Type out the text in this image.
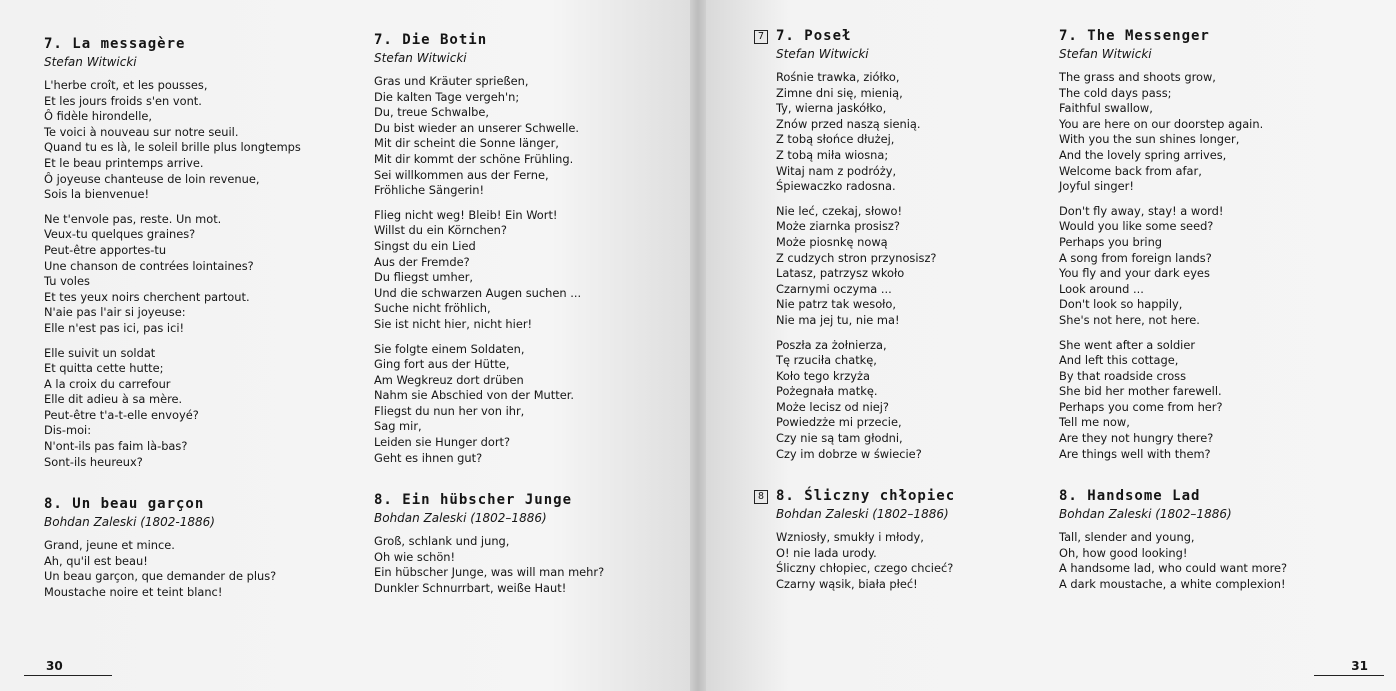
7. La messagère
Stefan Witwicki
L'herbe croît, et les pousses,
Et les jours froids s'en vont.
Ô fidèle hirondelle,
Te voici à nouveau sur notre seuil.
Quand tu es là, le soleil brille plus longtemps
Et le beau printemps arrive.
Ô joyeuse chanteuse de loin revenue,
Sois la bienvenue!
Ne t'envole pas, reste. Un mot.
Veux-tu quelques graines?
Peut-être apportes-tu
Une chanson de contrées lointaines?
Tu voles
Et tes yeux noirs cherchent partout.
N'aie pas l'air si joyeuse:
Elle n'est pas ici, pas ici!
Elle suivit un soldat
Et quitta cette hutte;
A la croix du carrefour
Elle dit adieu à sa mère.
Peut-être t'a-t-elle envoyé?
Dis-moi:
N'ont-ils pas faim là-bas?
Sont-ils heureux?
8. Un beau garçon
Bohdan Zaleski (1802-1886)
Grand, jeune et mince.
Ah, qu'il est beau!
Un beau garçon, que demander de plus?
Moustache noire et teint blanc!
7. Die Botin
Stefan Witwicki
Gras und Kräuter sprießen,
Die kalten Tage vergeh'n;
Du, treue Schwalbe,
Du bist wieder an unserer Schwelle.
Mit dir scheint die Sonne länger,
Mit dir kommt der schöne Frühling.
Sei willkommen aus der Ferne,
Fröhliche Sängerin!
Flieg nicht weg! Bleib! Ein Wort!
Willst du ein Körnchen?
Singst du ein Lied
Aus der Fremde?
Du fliegst umher,
Und die schwarzen Augen suchen ...
Suche nicht fröhlich,
Sie ist nicht hier, nicht hier!
Sie folgte einem Soldaten,
Ging fort aus der Hütte,
Am Wegkreuz dort drüben
Nahm sie Abschied von der Mutter.
Fliegst du nun her von ihr,
Sag mir,
Leiden sie Hunger dort?
Geht es ihnen gut?
8. Ein hübscher Junge
Bohdan Zaleski (1802–1886)
Groß, schlank und jung,
Oh wie schön!
Ein hübscher Junge, was will man mehr?
Dunkler Schnurrbart, weiße Haut!
30
7 7. Poseł
Stefan Witwicki
Rośnie trawka, ziółko,
Zimne dni się, mienią,
Ty, wierna jaskółko,
Znów przed naszą sienią.
Z tobą słońce dłużej,
Z tobą miła wiosna;
Witaj nam z podróży,
Śpiewaczko radosna.
Nie leć, czekaj, słowo!
Może ziarnka prosisz?
Może piosnkę nową
Z cudzych stron przynosisz?
Latasz, patrzysz wkoło
Czarnymi oczyma ...
Nie patrz tak wesoło,
Nie ma jej tu, nie ma!
Poszła za żołnierza,
Tę rzuciła chatkę,
Koło tego krzyża
Pożegnała matkę.
Może lecisz od niej?
Powiedzże mi przecie,
Czy nie są tam głodni,
Czy im dobrze w świecie?
8 8. Śliczny chłopiec
Bohdan Zaleski (1802–1886)
Wzniosły, smukły i młody,
O! nie lada urody.
Śliczny chłopiec, czego chcieć?
Czarny wąsik, biała płeć!
7. The Messenger
Stefan Witwicki
The grass and shoots grow,
The cold days pass;
Faithful swallow,
You are here on our doorstep again.
With you the sun shines longer,
And the lovely spring arrives,
Welcome back from afar,
Joyful singer!
Don't fly away, stay! a word!
Would you like some seed?
Perhaps you bring
A song from foreign lands?
You fly and your dark eyes
Look around ...
Don't look so happily,
She's not here, not here.
She went after a soldier
And left this cottage,
By that roadside cross
She bid her mother farewell.
Perhaps you come from her?
Tell me now,
Are they not hungry there?
Are things well with them?
8. Handsome Lad
Bohdan Zaleski (1802–1886)
Tall, slender and young,
Oh, how good looking!
A handsome lad, who could want more?
A dark moustache, a white complexion!
31
